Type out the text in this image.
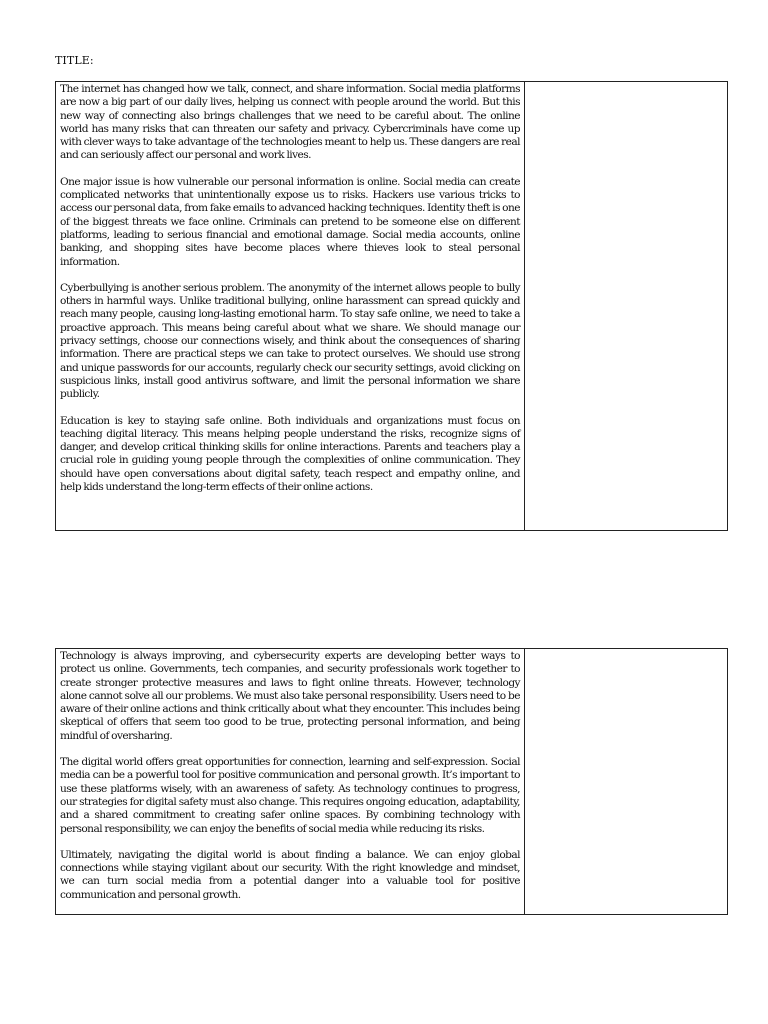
TITLE:

The internet has changed how we talk, connect, and share information. Social media platforms are now a big part of our daily lives, helping us connect with people around the world. But this new way of connecting also brings challenges that we need to be careful about. The online world has many risks that can threaten our safety and privacy. Cybercriminals have come up with clever ways to take advantage of the technologies meant to help us. These dangers are real and can seriously affect our personal and work lives.

One major issue is how vulnerable our personal information is online. Social media can create complicated networks that unintentionally expose us to risks. Hackers use various tricks to access our personal data, from fake emails to advanced hacking techniques. Identity theft is one of the biggest threats we face online. Criminals can pretend to be someone else on different platforms, leading to serious financial and emotional damage. Social media accounts, online banking, and shopping sites have become places where thieves look to steal personal information.

Cyberbullying is another serious problem. The anonymity of the internet allows people to bully others in harmful ways. Unlike traditional bullying, online harassment can spread quickly and reach many people, causing long-lasting emotional harm. To stay safe online, we need to take a proactive approach. This means being careful about what we share. We should manage our privacy settings, choose our connections wisely, and think about the consequences of sharing information. There are practical steps we can take to protect ourselves. We should use strong and unique passwords for our accounts, regularly check our security settings, avoid clicking on suspicious links, install good antivirus software, and limit the personal information we share publicly.

Education is key to staying safe online. Both individuals and organizations must focus on teaching digital literacy. This means helping people understand the risks, recognize signs of danger, and develop critical thinking skills for online interactions. Parents and teachers play a crucial role in guiding young people through the complexities of online communication. They should have open conversations about digital safety, teach respect and empathy online, and help kids understand the long-term effects of their online actions.

Technology is always improving, and cybersecurity experts are developing better ways to protect us online. Governments, tech companies, and security professionals work together to create stronger protective measures and laws to fight online threats. However, technology alone cannot solve all our problems. We must also take personal responsibility. Users need to be aware of their online actions and think critically about what they encounter. This includes being skeptical of offers that seem too good to be true, protecting personal information, and being mindful of oversharing.

The digital world offers great opportunities for connection, learning and self-expression. Social media can be a powerful tool for positive communication and personal growth. It’s important to use these platforms wisely, with an awareness of safety. As technology continues to progress, our strategies for digital safety must also change. This requires ongoing education, adaptability, and a shared commitment to creating safer online spaces. By combining technology with personal responsibility, we can enjoy the benefits of social media while reducing its risks.

Ultimately, navigating the digital world is about finding a balance. We can enjoy global connections while staying vigilant about our security. With the right knowledge and mindset, we can turn social media from a potential danger into a valuable tool for positive communication and personal growth.
